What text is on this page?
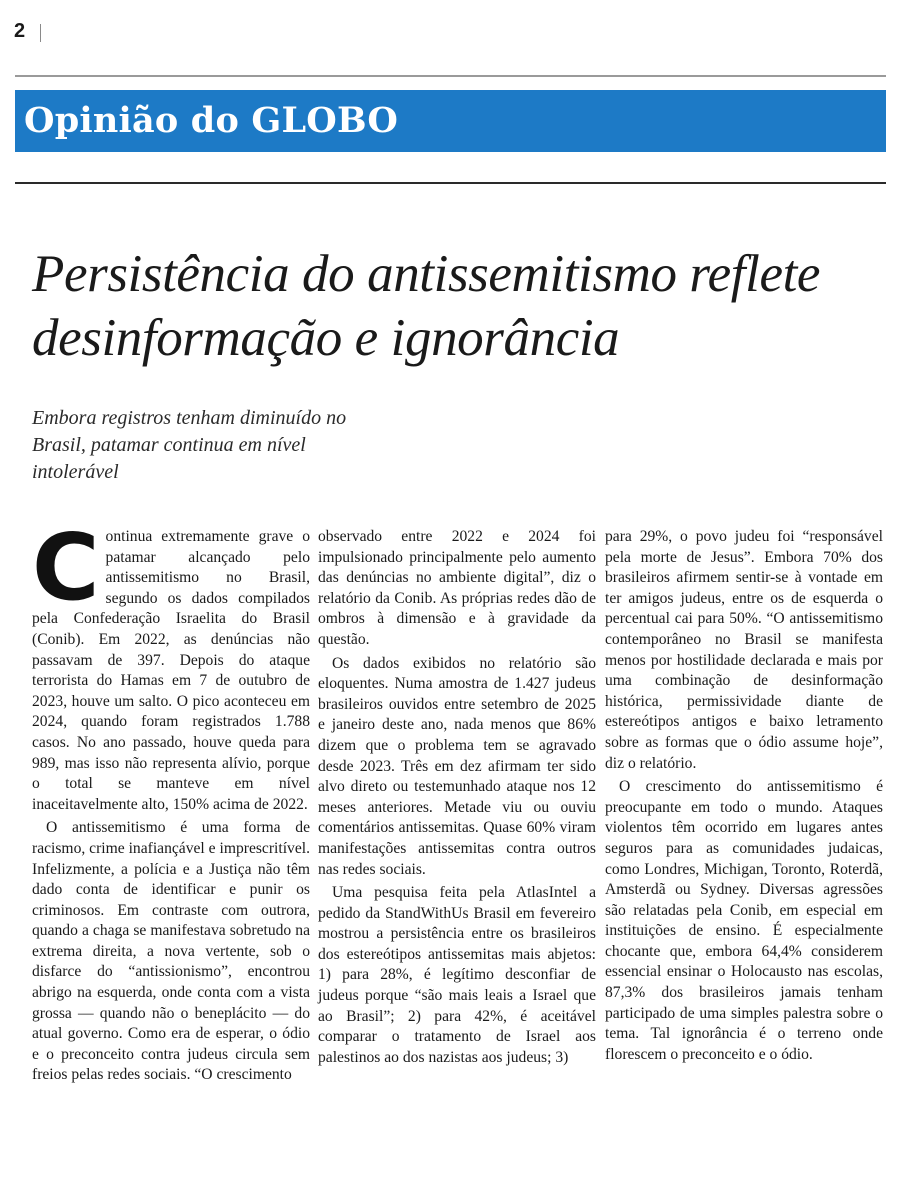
2
Opinião do GLOBO
Persistência do antissemitismo reflete desinformação e ignorância

Embora registros tenham diminuído no Brasil, patamar continua em nível intolerável

Continua extremamente grave o patamar alcançado pelo antissemitismo no Brasil, segundo os dados compilados pela Confederação Israelita do Brasil (Conib). Em 2022, as denúncias não passavam de 397. Depois do ataque terrorista do Hamas em 7 de outubro de 2023, houve um salto. O pico aconteceu em 2024, quando foram registrados 1.788 casos. No ano passado, houve queda para 989, mas isso não representa alívio, porque o total se manteve em nível inaceitavelmente alto, 150% acima de 2022.

O antissemitismo é uma forma de racismo, crime inafiançável e imprescritível. Infelizmente, a polícia e a Justiça não têm dado conta de identificar e punir os criminosos. Em contraste com outrora, quando a chaga se manifestava sobretudo na extrema direita, a nova vertente, sob o disfarce do “antissionismo”, encontrou abrigo na esquerda, onde conta com a vista grossa — quando não o beneplácito — do atual governo. Como era de esperar, o ódio e o preconceito contra judeus circula sem freios pelas redes sociais. “O crescimento

observado entre 2022 e 2024 foi impulsionado principalmente pelo aumento das denúncias no ambiente digital”, diz o relatório da Conib. As próprias redes dão de ombros à dimensão e à gravidade da questão.

Os dados exibidos no relatório são eloquentes. Numa amostra de 1.427 judeus brasileiros ouvidos entre setembro de 2025 e janeiro deste ano, nada menos que 86% dizem que o problema tem se agravado desde 2023. Três em dez afirmam ter sido alvo direto ou testemunhado ataque nos 12 meses anteriores. Metade viu ou ouviu comentários antissemitas. Quase 60% viram manifestações antissemitas contra outros nas redes sociais.

Uma pesquisa feita pela AtlasIntel a pedido da StandWithUs Brasil em fevereiro mostrou a persistência entre os brasileiros dos estereótipos antissemitas mais abjetos: 1) para 28%, é legítimo desconfiar de judeus porque “são mais leais a Israel que ao Brasil”; 2) para 42%, é aceitável comparar o tratamento de Israel aos palestinos ao dos nazistas aos judeus; 3)

para 29%, o povo judeu foi “responsável pela morte de Jesus”. Embora 70% dos brasileiros afirmem sentir-se à vontade em ter amigos judeus, entre os de esquerda o percentual cai para 50%. “O antissemitismo contemporâneo no Brasil se manifesta menos por hostilidade declarada e mais por uma combinação de desinformação histórica, permissividade diante de estereótipos antigos e baixo letramento sobre as formas que o ódio assume hoje”, diz o relatório.

O crescimento do antissemitismo é preocupante em todo o mundo. Ataques violentos têm ocorrido em lugares antes seguros para as comunidades judaicas, como Londres, Michigan, Toronto, Roterdã, Amsterdã ou Sydney. Diversas agressões são relatadas pela Conib, em especial em instituições de ensino. É especialmente chocante que, embora 64,4% considerem essencial ensinar o Holocausto nas escolas, 87,3% dos brasileiros jamais tenham participado de uma simples palestra sobre o tema. Tal ignorância é o terreno onde florescem o preconceito e o ódio.
